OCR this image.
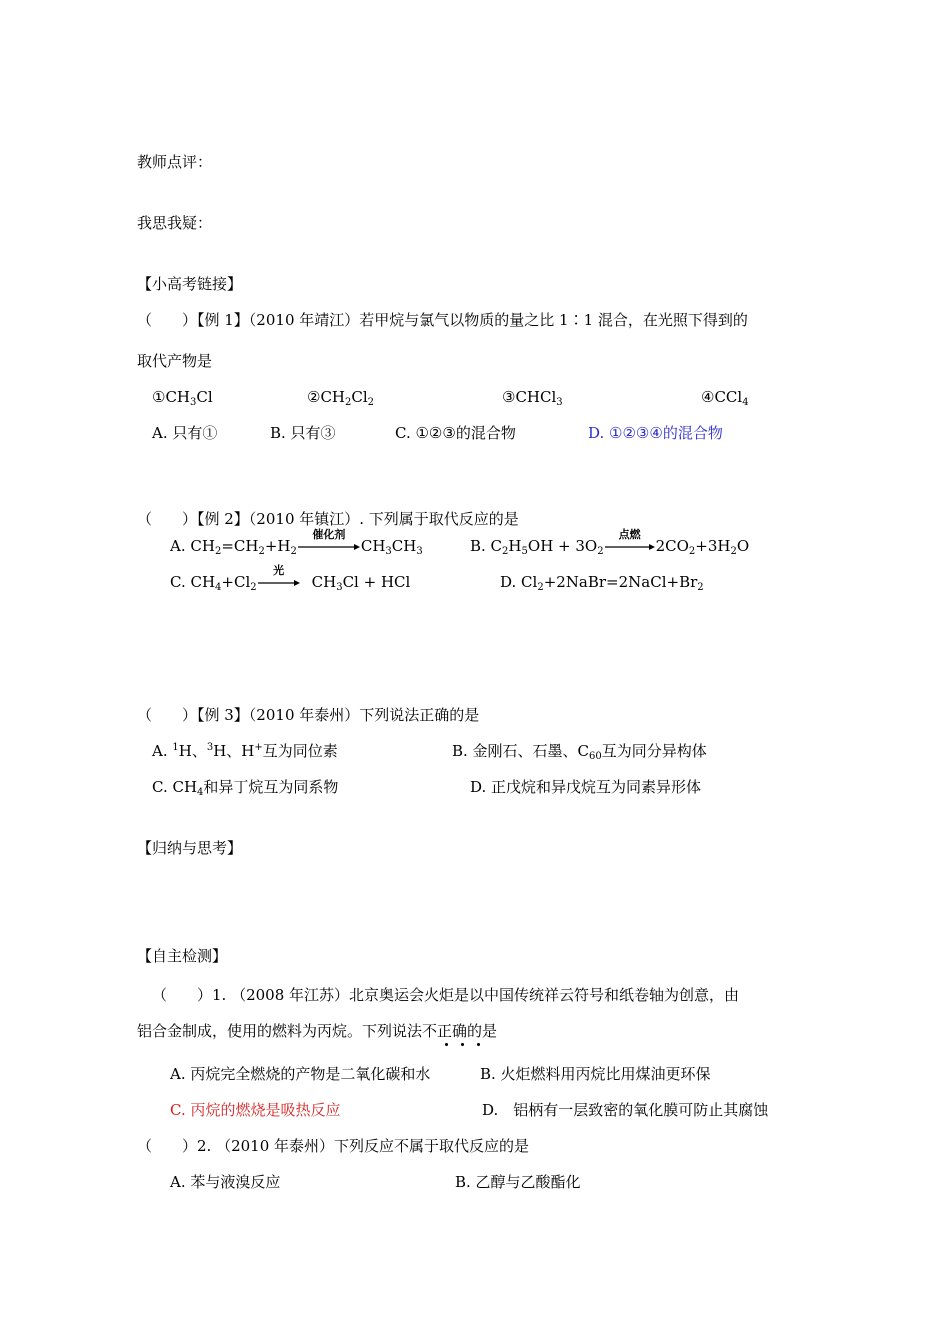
教师点评：
我思我疑：
【小高考链接】
（　　）【例 1】（2010 年靖江）若甲烷与氯气以物质的量之比 1∶1 混合，在光照下得到的
取代产物是
$①CH_3Cl$	$②CH_2Cl_2$	③CHCl$_3$	④CCl$_4$
A. 只有①	B. 只有③	C. ①②③的混合物	D. ①②③④的混合物
（　　）【例 2】（2010 年镇江）. 下列属于取代反应的是
A. $CH_2=CH_2+H_2$
催化剂
$CH_3CH_3$	B. $C_2H_5OH + 3O_2$
点燃
$2CO_2+3H_2O$
C. $CH_4+Cl_2$
光
$CH_3Cl$ + HCl	D. $Cl_2+2NaBr=2NaCl+Br_2$
（　　）【例 3】（2010 年泰州）下列说法正确的是
A. $^1$H、$^3$H、H+互为同位素	B. 金刚石、石墨、$C_{60}$互为同分异构体
C. $CH_4$和异丁烷互为同系物	D. 正戊烷和异戊烷互为同素异形体
【归纳与思考】
【自主检测】
（　　）1. （2008 年江苏）北京奥运会火炬是以中国传统祥云符号和纸卷轴为创意，由
铝合金制成，使用的燃料为丙烷。下列说法不正确的是
A. 丙烷完全燃烧的产物是二氧化碳和水	B. 火炬燃料用丙烷比用煤油更环保
C. 丙烷的燃烧是吸热反应	D.　铝柄有一层致密的氧化膜可防止其腐蚀
（　　）2. （2010 年泰州）下列反应不属于取代反应的是
A. 苯与液溴反应	B. 乙醇与乙酸酯化
